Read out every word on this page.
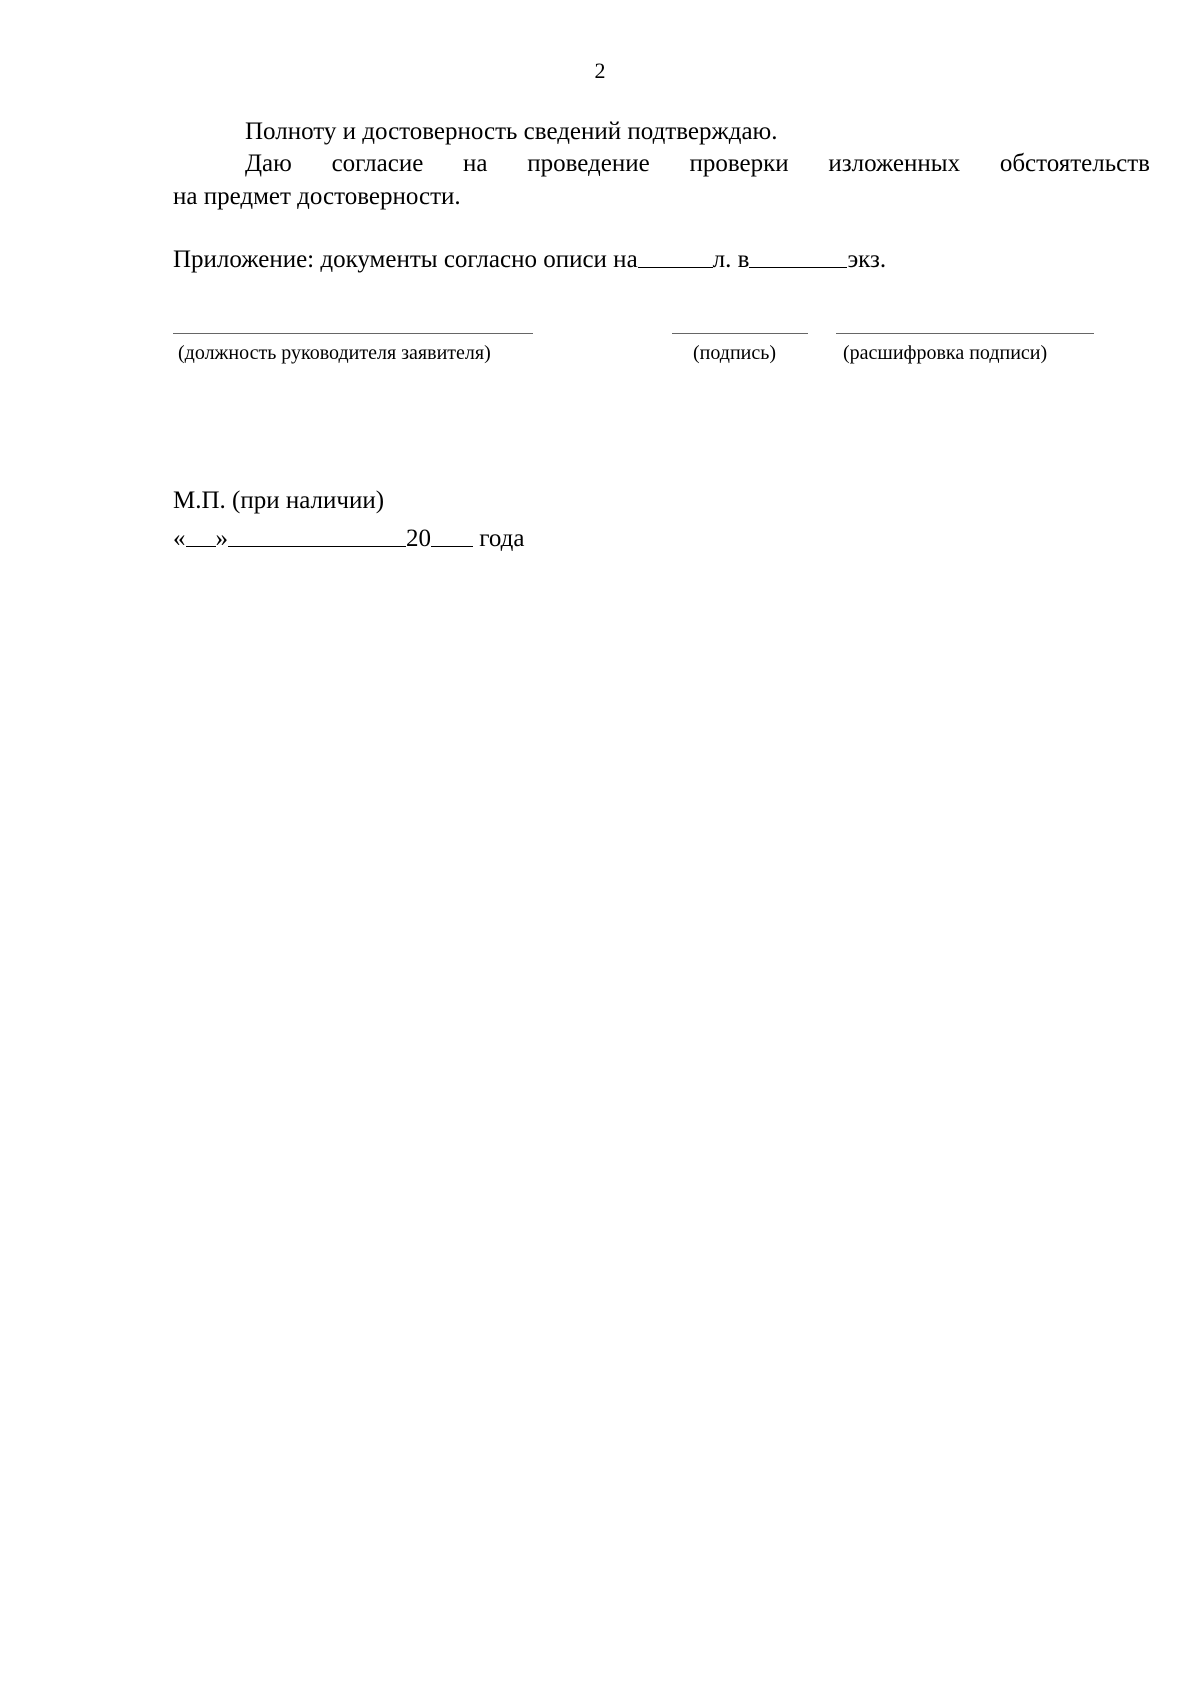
2
Полноту и достоверность сведений подтверждаю.
Даю согласие на проведение проверки изложенных обстоятельств
на предмет достоверности.
Приложение: документы согласно описи на	л. в	экз.
(должность руководителя заявителя)	(подпись)	(расшифровка подписи)
М.П. (при наличии)
« »	20 года
